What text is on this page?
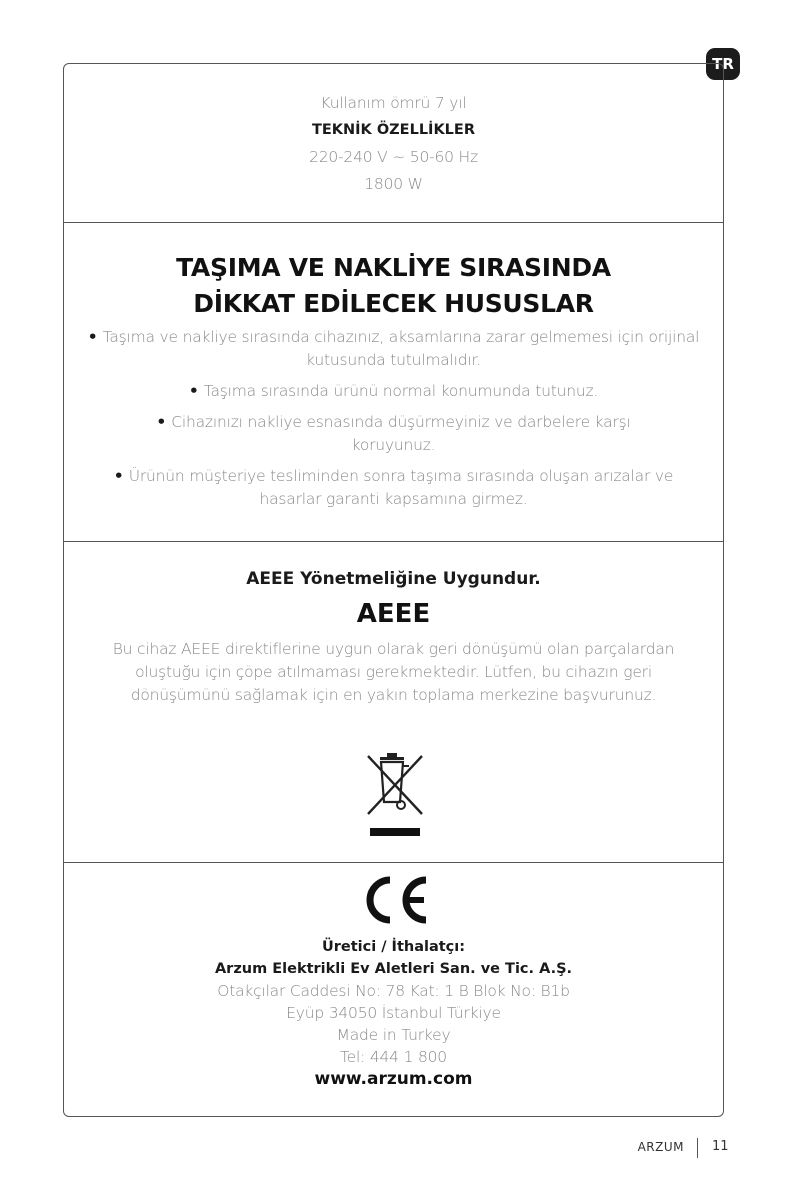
TR
Kullanım ömrü 7 yıl
TEKNİK ÖZELLİKLER
220-240 V ~ 50-60 Hz
1800 W
TAŞIMA VE NAKLİYE SIRASINDA
DİKKAT EDİLECEK HUSUSLAR
• Taşıma ve nakliye sırasında cihazınız, aksamlarına zarar gelmemesi için orijinal kutusunda tutulmalıdır.
• Taşıma sırasında ürünü normal konumunda tutunuz.
• Cihazınızı nakliye esnasında düşürmeyiniz ve darbelere karşı koruyunuz.
• Ürünün müşteriye tesliminden sonra taşıma sırasında oluşan arızalar ve hasarlar garanti kapsamına girmez.
AEEE Yönetmeliğine Uygundur.
AEEE
Bu cihaz AEEE direktiflerine uygun olarak geri dönüşümü olan parçalardan oluştuğu için çöpe atılmaması gerekmektedir. Lütfen, bu cihazın geri dönüşümünü sağlamak için en yakın toplama merkezine başvurunuz.
Üretici / İthalatçı:
Arzum Elektrikli Ev Aletleri San. ve Tic. A.Ş.
Otakçılar Caddesi No: 78 Kat: 1 B Blok No: B1b
Eyüp 34050 İstanbul Türkiye
Made in Turkey
Tel: 444 1 800
www.arzum.com
ARZUM 11
